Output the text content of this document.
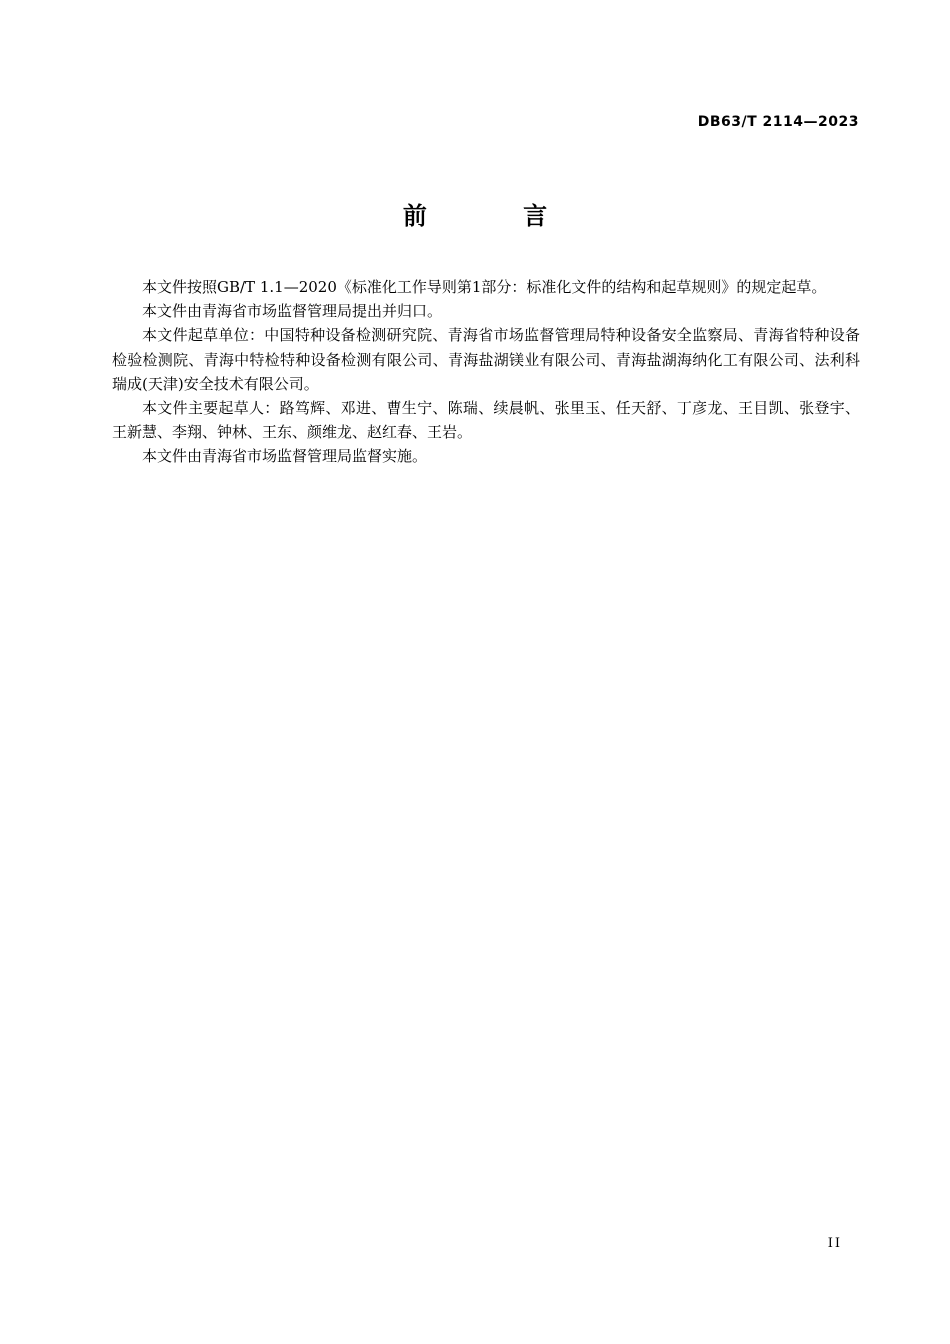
DB63/T 2114—2023
前 言

本文件按照GB/T 1.1—2020《标准化工作导则第1部分：标准化文件的结构和起草规则》的规定起草。

本文件由青海省市场监督管理局提出并归口。

本文件起草单位：中国特种设备检测研究院、青海省市场监督管理局特种设备安全监察局、青海省特种设备检验检测院、青海中特检特种设备检测有限公司、青海盐湖镁业有限公司、青海盐湖海纳化工有限公司、法利科瑞成(天津)安全技术有限公司。

本文件主要起草人：路笃辉、邓进、曹生宁、陈瑞、续晨帆、张里玉、任天舒、丁彦龙、王目凯、张登宇、王新慧、李翔、钟林、王东、颜维龙、赵红春、王岩。

本文件由青海省市场监督管理局监督实施。

II
